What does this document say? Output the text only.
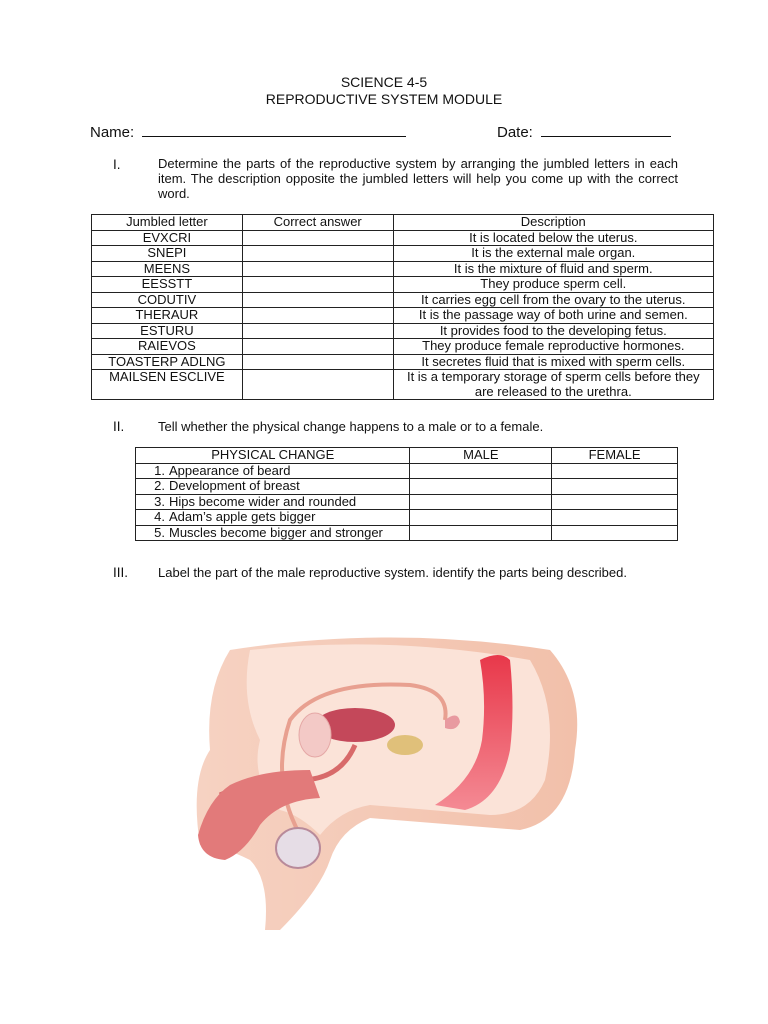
SCIENCE 4-5
REPRODUCTIVE SYSTEM MODULE
Name:	Date:
I.	Determine the parts of the reproductive system by arranging the jumbled letters in each item. The description opposite the jumbled letters will help you come up with the correct word.
Jumbled letter	Correct answer	Description
EVXCRI		It is located below the uterus.
SNEPI		It is the external male organ.
MEENS		It is the mixture of fluid and sperm.
EESSTT		They produce sperm cell.
CODUTIV		It carries egg cell from the ovary to the uterus.
THERAUR		It is the passage way of both urine and semen.
ESTURU		It provides food to the developing fetus.
RAIEVOS		They produce female reproductive hormones.
TOASTERP ADLNG		It secretes fluid that is mixed with sperm cells.
MAILSEN ESCLIVE		It is a temporary storage of sperm cells before they are released to the urethra.
II.	Tell whether the physical change happens to a male or to a female.
PHYSICAL CHANGE	MALE	FEMALE
1. Appearance of beard		
2. Development of breast		
3. Hips become wider and rounded		
4. Adam’s apple gets bigger		
5. Muscles become bigger and stronger		
III. Label the part of the male reproductive system. identify the parts being described.
